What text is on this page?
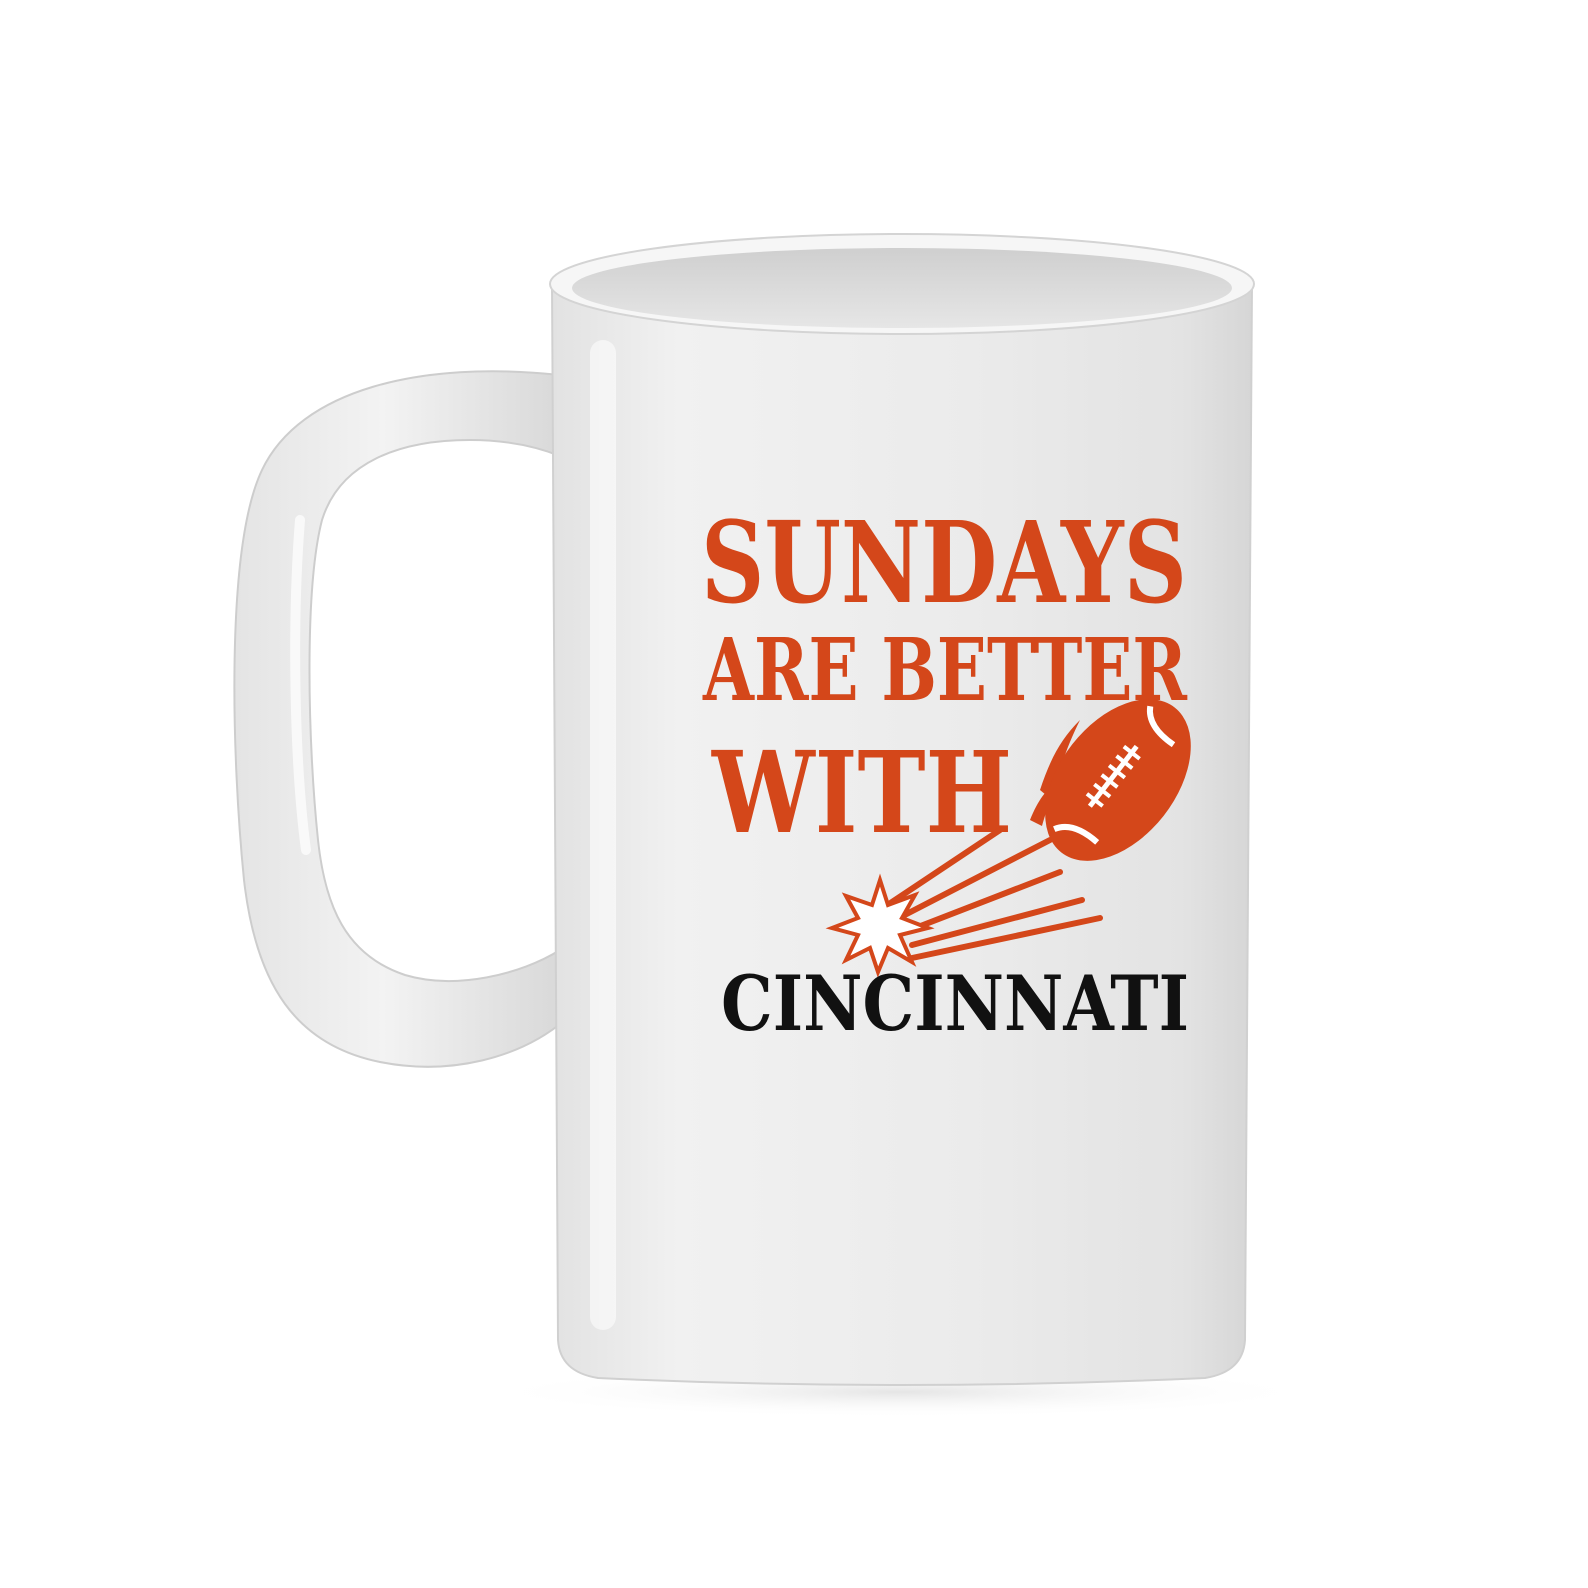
SUNDAYS
ARE BETTER
WITH
CINCINNATI
